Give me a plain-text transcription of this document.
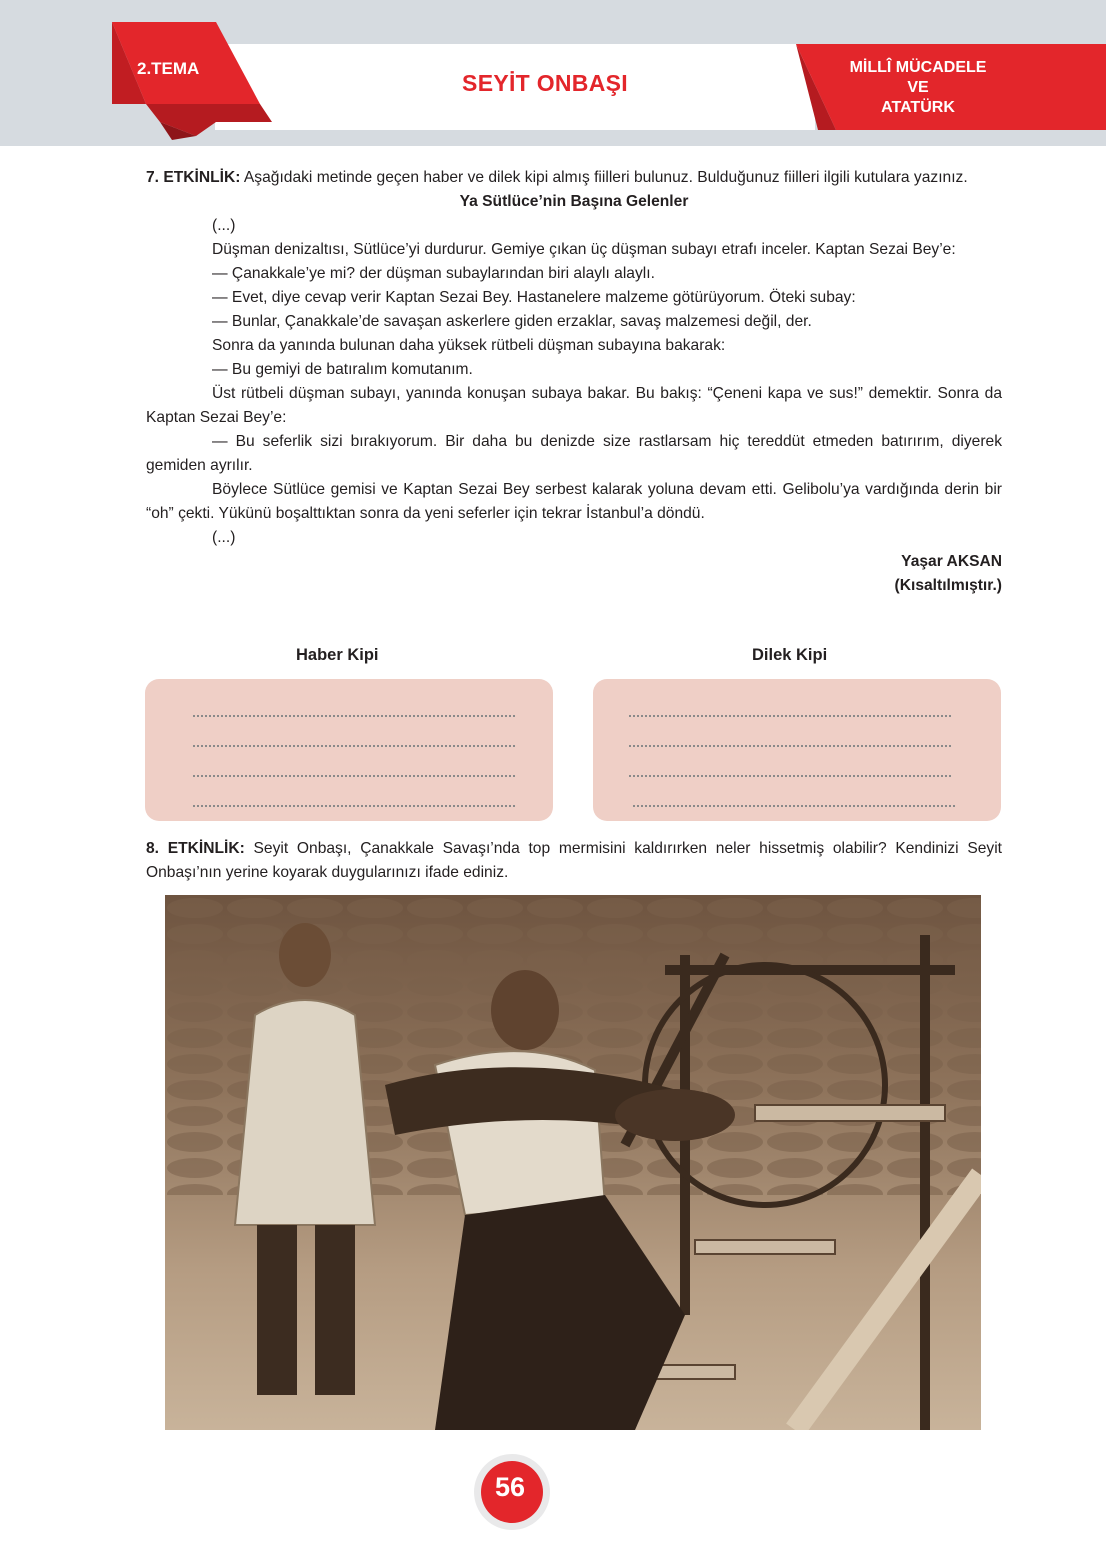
2.TEMA
SEYİT ONBAŞI
MİLLÎ MÜCADELE
VE
ATATÜRK

7. ETKİNLİK: Aşağıdaki metinde geçen haber ve dilek kipi almış fiilleri bulunuz. Bulduğunuz fiilleri ilgili kutulara yazınız.

Ya Sütlüce’nin Başına Gelenler

(...)

Düşman denizaltısı, Sütlüce’yi durdurur. Gemiye çıkan üç düşman subayı etrafı inceler. Kaptan Sezai Bey’e:

— Çanakkale’ye mi? der düşman subaylarından biri alaylı alaylı.

— Evet, diye cevap verir Kaptan Sezai Bey. Hastanelere malzeme götürüyorum. Öteki subay:

— Bunlar, Çanakkale’de savaşan askerlere giden erzaklar, savaş malzemesi değil, der.

Sonra da yanında bulunan daha yüksek rütbeli düşman subayına bakarak:

— Bu gemiyi de batıralım komutanım.

Üst rütbeli düşman subayı, yanında konuşan subaya bakar. Bu bakış: “Çeneni kapa ve sus!” demektir. Sonra da Kaptan Sezai Bey’e:

— Bu seferlik sizi bırakıyorum. Bir daha bu denizde size rastlarsam hiç tereddüt etmeden batırırım, diyerek gemiden ayrılır.

Böylece Sütlüce gemisi ve Kaptan Sezai Bey serbest kalarak yoluna devam etti. Gelibolu’ya vardığında derin bir “oh” çekti. Yükünü boşalttıktan sonra da yeni seferler için tekrar İstanbul’a döndü.

(...)

Yaşar AKSAN

(Kısaltılmıştır.)

Haber Kipi	Dilek Kipi

8. ETKİNLİK: Seyit Onbaşı, Çanakkale Savaşı’nda top mermisini kaldırırken neler hissetmiş olabilir? Kendinizi Seyit Onbaşı’nın yerine koyarak duygularınızı ifade ediniz.

56
